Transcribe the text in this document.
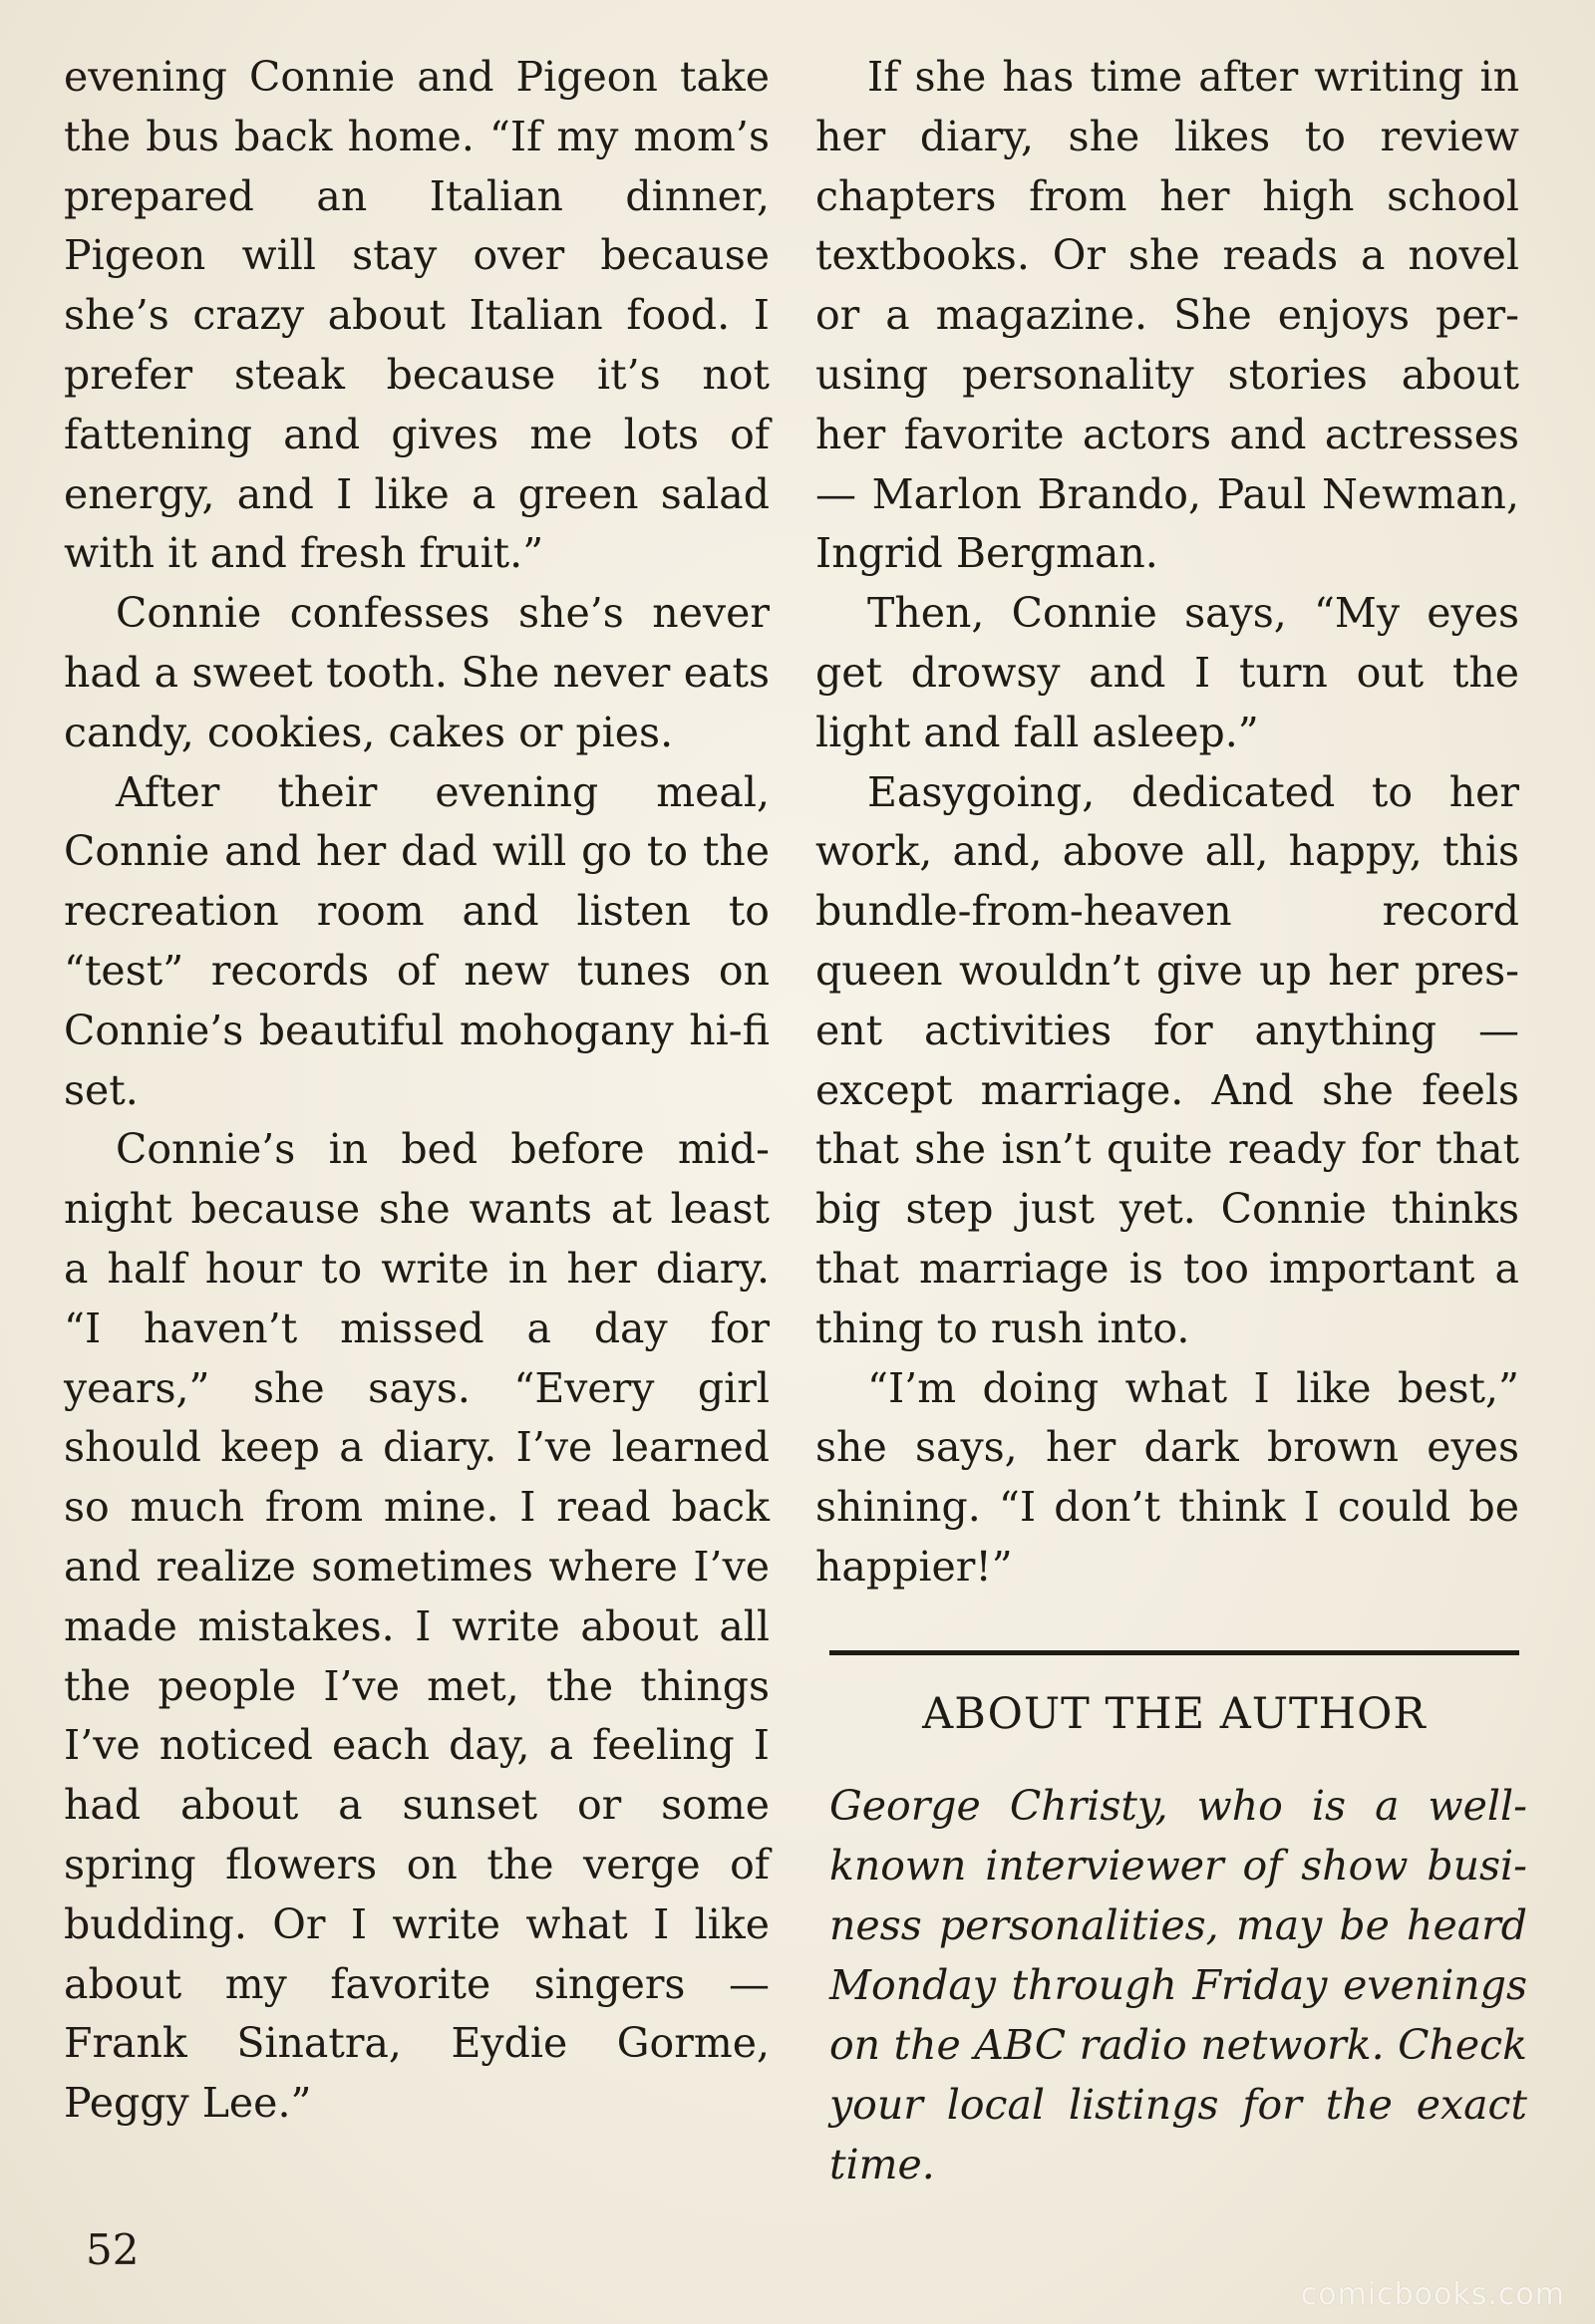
evening Connie and Pigeon take the bus back home. “If my mom’s prepared an Italian dinner, Pigeon will stay over because she’s crazy about Italian food. I prefer steak because it’s not fattening and gives me lots of energy, and I like a green salad with it and fresh fruit.”

Connie confesses she’s never had a sweet tooth. She never eats candy, cookies, cakes or pies.

After their evening meal, Connie and her dad will go to the recreation room and listen to “test” records of new tunes on Connie’s beautiful mohogany hi-fi set.

Connie’s in bed before midnight because she wants at least a half hour to write in her diary. “I haven’t missed a day for years,” she says. “Every girl should keep a diary. I’ve learned so much from mine. I read back and realize sometimes where I’ve made mistakes. I write about all the people I’ve met, the things I’ve noticed each day, a feeling I had about a sunset or some spring flowers on the verge of budding. Or I write what I like about my favorite singers — Frank Sinatra, Eydie Gorme, Peggy Lee.”

If she has time after writing in her diary, she likes to review chapters from her high school textbooks. Or she reads a novel or a magazine. She enjoys perusing personality stories about her favorite actors and actresses — Marlon Brando, Paul Newman, Ingrid Bergman.

Then, Connie says, “My eyes get drowsy and I turn out the light and fall asleep.”

Easygoing, dedicated to her work, and, above all, happy, this bundle-from-heaven record queen wouldn’t give up her present activities for anything — except marriage. And she feels that she isn’t quite ready for that big step just yet. Connie thinks that marriage is too important a thing to rush into.

“I’m doing what I like best,” she says, her dark brown eyes shining. “I don’t think I could be happier!”

ABOUT THE AUTHOR

George Christy, who is a well-known interviewer of show business personalities, may be heard Monday through Friday evenings on the ABC radio network. Check your local listings for the exact time.

52
comicbooks.com
